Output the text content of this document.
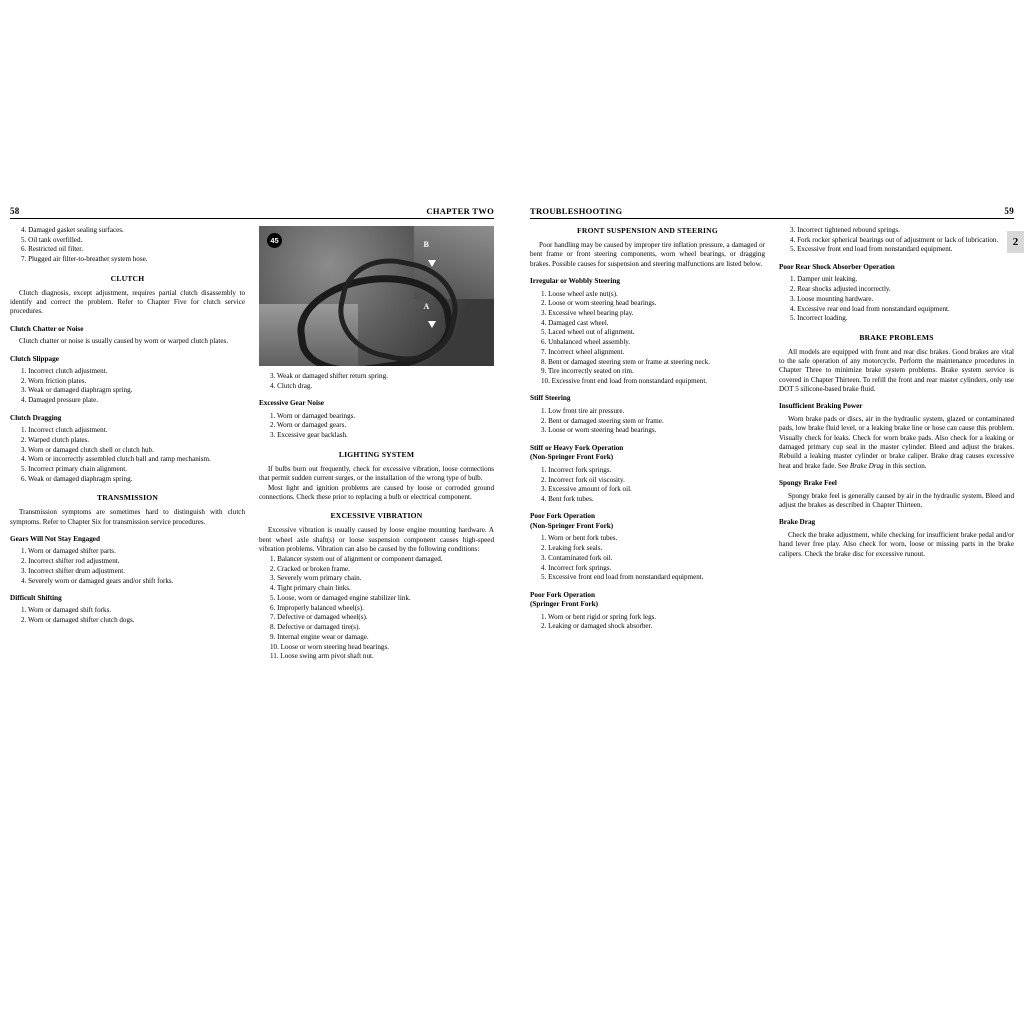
2
58	CHAPTER TWO
4. Damaged gasket sealing surfaces.
5. Oil tank overfilled.
6. Restricted oil filter.
7. Plugged air filter-to-breather system hose.
CLUTCH

Clutch diagnosis, except adjustment, requires partial clutch disassembly to identify and correct the problem. Refer to Chapter Five for clutch service procedures.

Clutch Chatter or Noise

Clutch chatter or noise is usually caused by worn or warped clutch plates.

Clutch Slippage
1. Incorrect clutch adjustment.
2. Worn friction plates.
3. Weak or damaged diaphragm spring.
4. Damaged pressure plate.
Clutch Dragging
1. Incorrect clutch adjustment.
2. Warped clutch plates.
3. Worn or damaged clutch shell or clutch hub.
4. Worn or incorrectly assembled clutch ball and ramp mechanism.
5. Incorrect primary chain alignment.
6. Weak or damaged diaphragm spring.
TRANSMISSION

Transmission symptoms are sometimes hard to distinguish with clutch symptoms. Refer to Chapter Six for transmission service procedures.

Gears Will Not Stay Engaged
1. Worn or damaged shifter parts.
2. Incorrect shifter rod adjustment.
3. Incorrect shifter drum adjustment.
4. Severely worn or damaged gears and/or shift forks.
Difficult Shifting
1. Worn or damaged shift forks.
2. Worn or damaged shifter clutch dogs.
45	B
A
3. Weak or damaged shifter return spring.
4. Clutch drag.
Excessive Gear Noise
1. Worn or damaged bearings.
2. Worn or damaged gears.
3. Excessive gear backlash.
LIGHTING SYSTEM

If bulbs burn out frequently, check for excessive vibration, loose connections that permit sudden current surges, or the installation of the wrong type of bulb.

Most light and ignition problems are caused by loose or corroded ground connections. Check these prior to replacing a bulb or electrical component.

EXCESSIVE VIBRATION

Excessive vibration is usually caused by loose engine mounting hardware. A bent wheel axle shaft(s) or loose suspension component causes high-speed vibration problems. Vibration can also be caused by the following conditions:

1. Balancer system out of alignment or component damaged.
2. Cracked or broken frame.
3. Severely worn primary chain.
4. Tight primary chain links.
5. Loose, worn or damaged engine stabilizer link.
6. Improperly balanced wheel(s).
7. Defective or damaged wheel(s).
8. Defective or damaged tire(s).
9. Internal engine wear or damage.
10. Loose or worn steering head bearings.
11. Loose swing arm pivot shaft nut.
TROUBLESHOOTING	59
FRONT SUSPENSION AND STEERING

Poor handling may be caused by improper tire inflation pressure, a damaged or bent frame or front steering components, worn wheel bearings, or dragging brakes. Possible causes for suspension and steering malfunctions are listed below.

Irregular or Wobbly Steering
1. Loose wheel axle nut(s).
2. Loose or worn steering head bearings.
3. Excessive wheel bearing play.
4. Damaged cast wheel.
5. Laced wheel out of alignment.
6. Unbalanced wheel assembly.
7. Incorrect wheel alignment.
8. Bent or damaged steering stem or frame at steering neck.
9. Tire incorrectly seated on rim.
10. Excessive front end load from nonstandard equipment.
Stiff Steering
1. Low front tire air pressure.
2. Bent or damaged steering stem or frame.
3. Loose or worn steering head bearings.
Stiff or Heavy Fork Operation
(Non-Springer Front Fork)
1. Incorrect fork springs.
2. Incorrect fork oil viscosity.
3. Excessive amount of fork oil.
4. Bent fork tubes.
Poor Fork Operation
(Non-Springer Front Fork)
1. Worn or bent fork tubes.
2. Leaking fork seals.
3. Contaminated fork oil.
4. Incorrect fork springs.
5. Excessive front end load from nonstandard equipment.
Poor Fork Operation
(Springer Front Fork)
1. Worn or bent rigid or spring fork legs.
2. Leaking or damaged shock absorber.
3. Incorrect tightened rebound springs.
4. Fork rocker spherical bearings out of adjustment or lack of lubrication.
5. Excessive front end load from nonstandard equipment.
Poor Rear Shock Absorber Operation
1. Damper unit leaking.
2. Rear shocks adjusted incorrectly.
3. Loose mounting hardware.
4. Excessive rear end load from nonstandard equipment.
5. Incorrect loading.
BRAKE PROBLEMS

All models are equipped with front and rear disc brakes. Good brakes are vital to the safe operation of any motorcycle. Perform the maintenance procedures in Chapter Three to minimize brake system problems. Brake system service is covered in Chapter Thirteen. To refill the front and rear master cylinders, only use DOT 5 silicone-based brake fluid.

Insufficient Braking Power

Worn brake pads or discs, air in the hydraulic system, glazed or contaminated pads, low brake fluid level, or a leaking brake line or hose can cause this problem. Visually check for leaks. Check for worn brake pads. Also check for a leaking or damaged primary cup seal in the master cylinder. Bleed and adjust the brakes. Rebuild a leaking master cylinder or brake caliper. Brake drag causes excessive heat and brake fade. See Brake Drag in this section.

Spongy Brake Feel

Spongy brake feel is generally caused by air in the hydraulic system. Bleed and adjust the brakes as described in Chapter Thirteen.

Brake Drag

Check the brake adjustment, while checking for insufficient brake pedal and/or hand lever free play. Also check for worn, loose or missing parts in the brake calipers. Check the brake disc for excessive runout.
